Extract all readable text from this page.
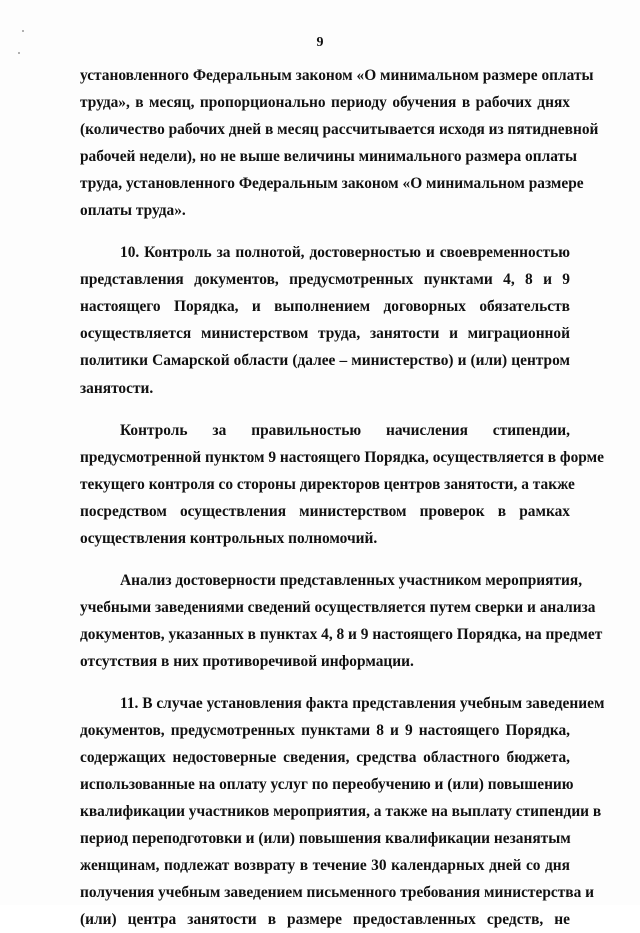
9
установленного Федеральным законом «О минимальном размере оплаты
труда», в месяц, пропорционально периоду обучения в рабочих днях
(количество рабочих дней в месяц рассчитывается исходя из пятидневной
рабочей недели), но не выше величины минимального размера оплаты
труда, установленного Федеральным законом «О минимальном размере
оплаты труда».
10. Контроль за полнотой, достоверностью и своевременностью
представления документов, предусмотренных пунктами 4, 8 и 9
настоящего Порядка, и выполнением договорных обязательств
осуществляется министерством труда, занятости и миграционной
политики Самарской области (далее – министерство) и (или) центром
занятости.
Контроль за правильностью начисления стипендии,
предусмотренной пунктом 9 настоящего Порядка, осуществляется в форме
текущего контроля со стороны директоров центров занятости, а также
посредством осуществления министерством проверок в рамках
осуществления контрольных полномочий.
Анализ достоверности представленных участником мероприятия,
учебными заведениями сведений осуществляется путем сверки и анализа
документов, указанных в пунктах 4, 8 и 9 настоящего Порядка, на предмет
отсутствия в них противоречивой информации.
11. В случае установления факта представления учебным заведением
документов, предусмотренных пунктами 8 и 9 настоящего Порядка,
содержащих недостоверные сведения, средства областного бюджета,
использованные на оплату услуг по переобучению и (или) повышению
квалификации участников мероприятия, а также на выплату стипендии в
период переподготовки и (или) повышения квалификации незанятым
женщинам, подлежат возврату в течение 30 календарных дней со дня
получения учебным заведением письменного требования министерства и
(или) центра занятости в размере предоставленных средств, не
